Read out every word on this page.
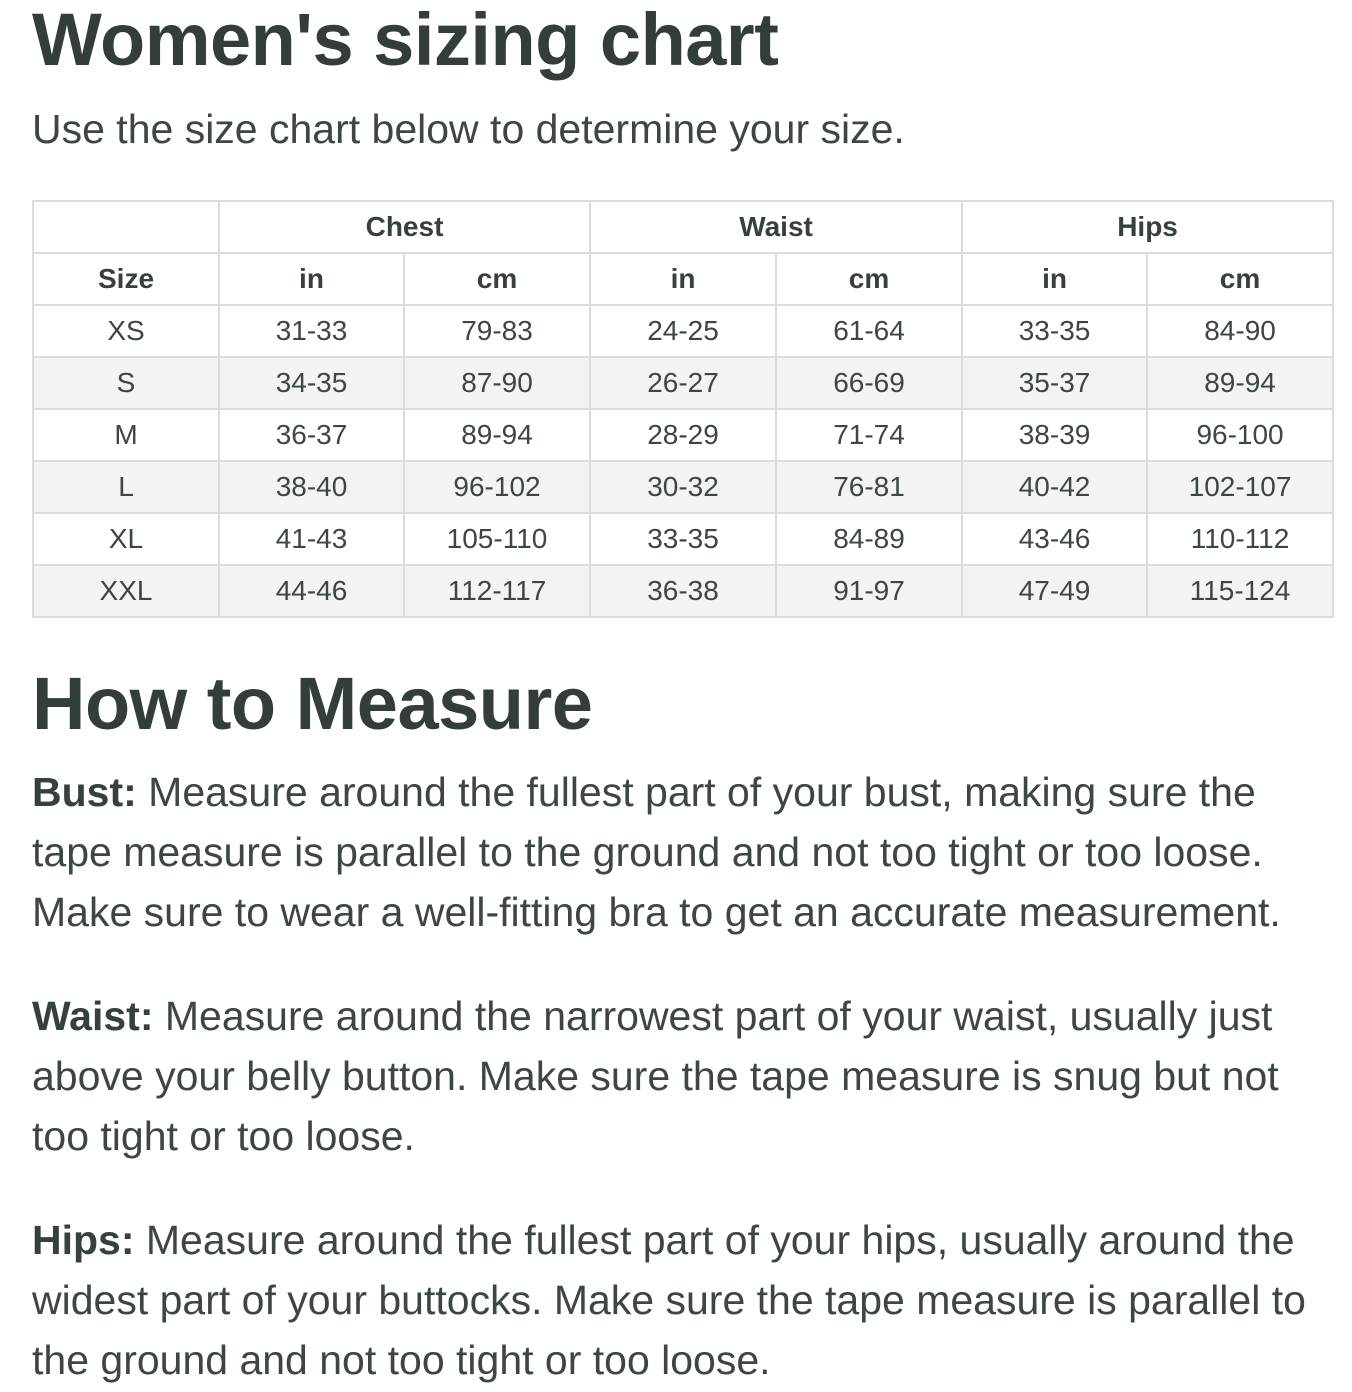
Women's sizing chart

Use the size chart below to determine your size.

	Chest		Waist		Hips	
Size	in	cm	in	cm	in	cm
XS	31-33	79-83	24-25	61-64	33-35	84-90
S	34-35	87-90	26-27	66-69	35-37	89-94
M	36-37	89-94	28-29	71-74	38-39	96-100
L	38-40	96-102	30-32	76-81	40-42	102-107
XL	41-43	105-110	33-35	84-89	43-46	110-112
XXL	44-46	112-117	36-38	91-97	47-49	115-124
How to Measure

Bust: Measure around the fullest part of your bust, making sure the tape measure is parallel to the ground and not too tight or too loose. Make sure to wear a well-fitting bra to get an accurate measurement.

Waist: Measure around the narrowest part of your waist, usually just above your belly button. Make sure the tape measure is snug but not too tight or too loose.

Hips: Measure around the fullest part of your hips, usually around the widest part of your buttocks. Make sure the tape measure is parallel to the ground and not too tight or too loose.
